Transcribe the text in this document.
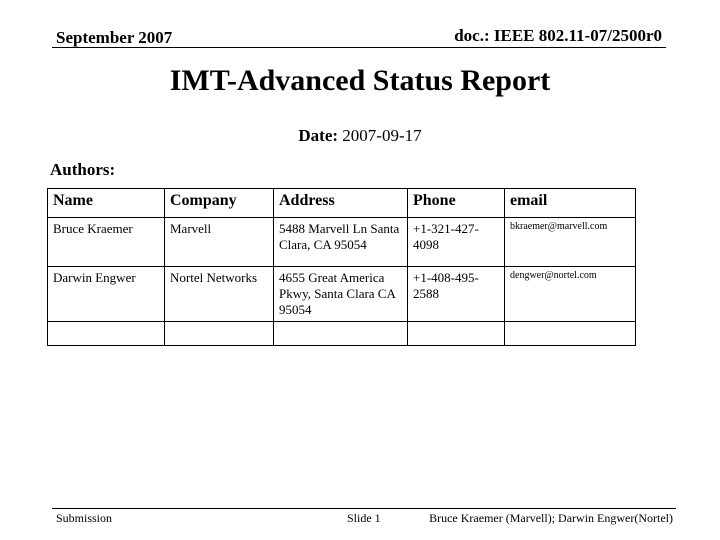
September 2007	doc.: IEEE 802.11-07/2500r0
IMT-Advanced Status Report
Date: 2007-09-17
Authors:
Name	Company	Address	Phone	email
Bruce Kraemer	Marvell	5488 Marvell Ln Santa Clara, CA 95054	+1-321-427-4098	bkraemer@marvell.com
Darwin Engwer	Nortel Networks	4655 Great America Pkwy, Santa Clara CA 95054	+1-408-495-2588	dengwer@nortel.com

Submission	Slide 1	Bruce Kraemer (Marvell); Darwin Engwer(Nortel)
